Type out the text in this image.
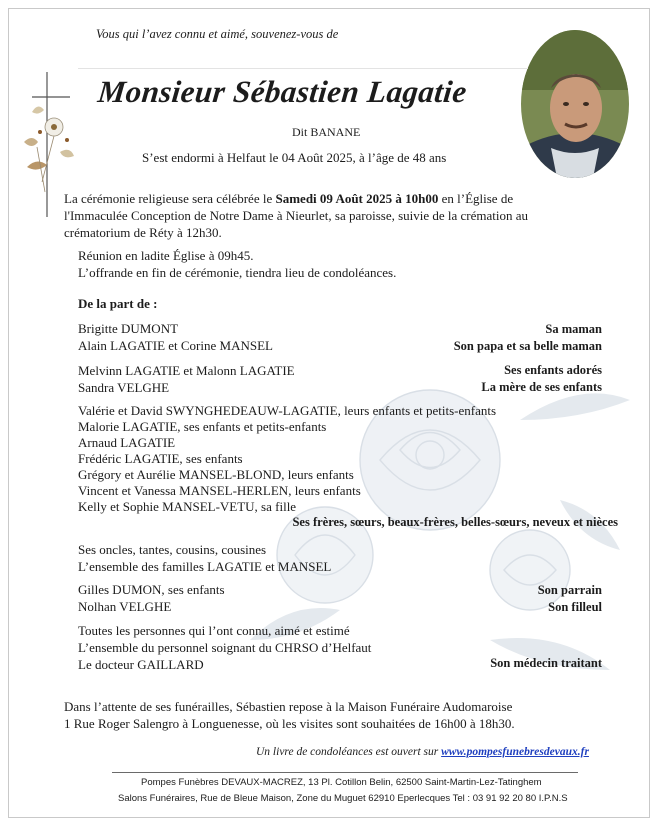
Vous qui l’avez connu et aimé, souvenez-vous de
Monsieur Sébastien Lagatie
Dit BANANE
S’est endormi à Helfaut le 04 Août 2025, à l’âge de 48 ans
La cérémonie religieuse sera célébrée le Samedi 09 Août 2025 à 10h00 en l’Église de
l'Immaculée Conception de Notre Dame à Nieurlet, sa paroisse, suivie de la crémation au
crématorium de Réty à 12h30.
Réunion en ladite Église à 09h45.
L’offrande en fin de cérémonie, tiendra lieu de condoléances.
De la part de :
Brigitte DUMONT
Alain LAGATIE et Corine MANSEL
Sa maman
Son papa et sa belle maman
Melvinn LAGATIE et Malonn LAGATIE
Sandra VELGHE
Ses enfants adorés
La mère de ses enfants
Valérie et David SWYNGHEDEAUW-LAGATIE, leurs enfants et petits-enfants
Malorie LAGATIE, ses enfants et petits-enfants
Arnaud LAGATIE
Frédéric LAGATIE, ses enfants
Grégory et Aurélie MANSEL-BLOND, leurs enfants
Vincent et Vanessa MANSEL-HERLEN, leurs enfants
Kelly et Sophie MANSEL-VETU, sa fille
Ses frères, sœurs, beaux-frères, belles-sœurs, neveux et nièces
Ses oncles, tantes, cousins, cousines
L’ensemble des familles LAGATIE et MANSEL
Gilles DUMON, ses enfants
Nolhan VELGHE
Son parrain
Son filleul
Toutes les personnes qui l’ont connu, aimé et estimé
L’ensemble du personnel soignant du CHRSO d’Helfaut
Le docteur GAILLARD	Son médecin traitant
Dans l’attente de ses funérailles, Sébastien repose à la Maison Funéraire Audomaroise
1 Rue Roger Salengro à Longuenesse, où les visites sont souhaitées de 16h00 à 18h30.
Un livre de condoléances est ouvert sur www.pompesfunebresdevaux.fr
Pompes Funèbres DEVAUX-MACREZ, 13 Pl. Cotillon Belin, 62500 Saint-Martin-Lez-Tatinghem
Salons Funéraires, Rue de Bleue Maison, Zone du Muguet 62910 Eperlecques Tel : 03 91 92 20 80 I.P.N.S
